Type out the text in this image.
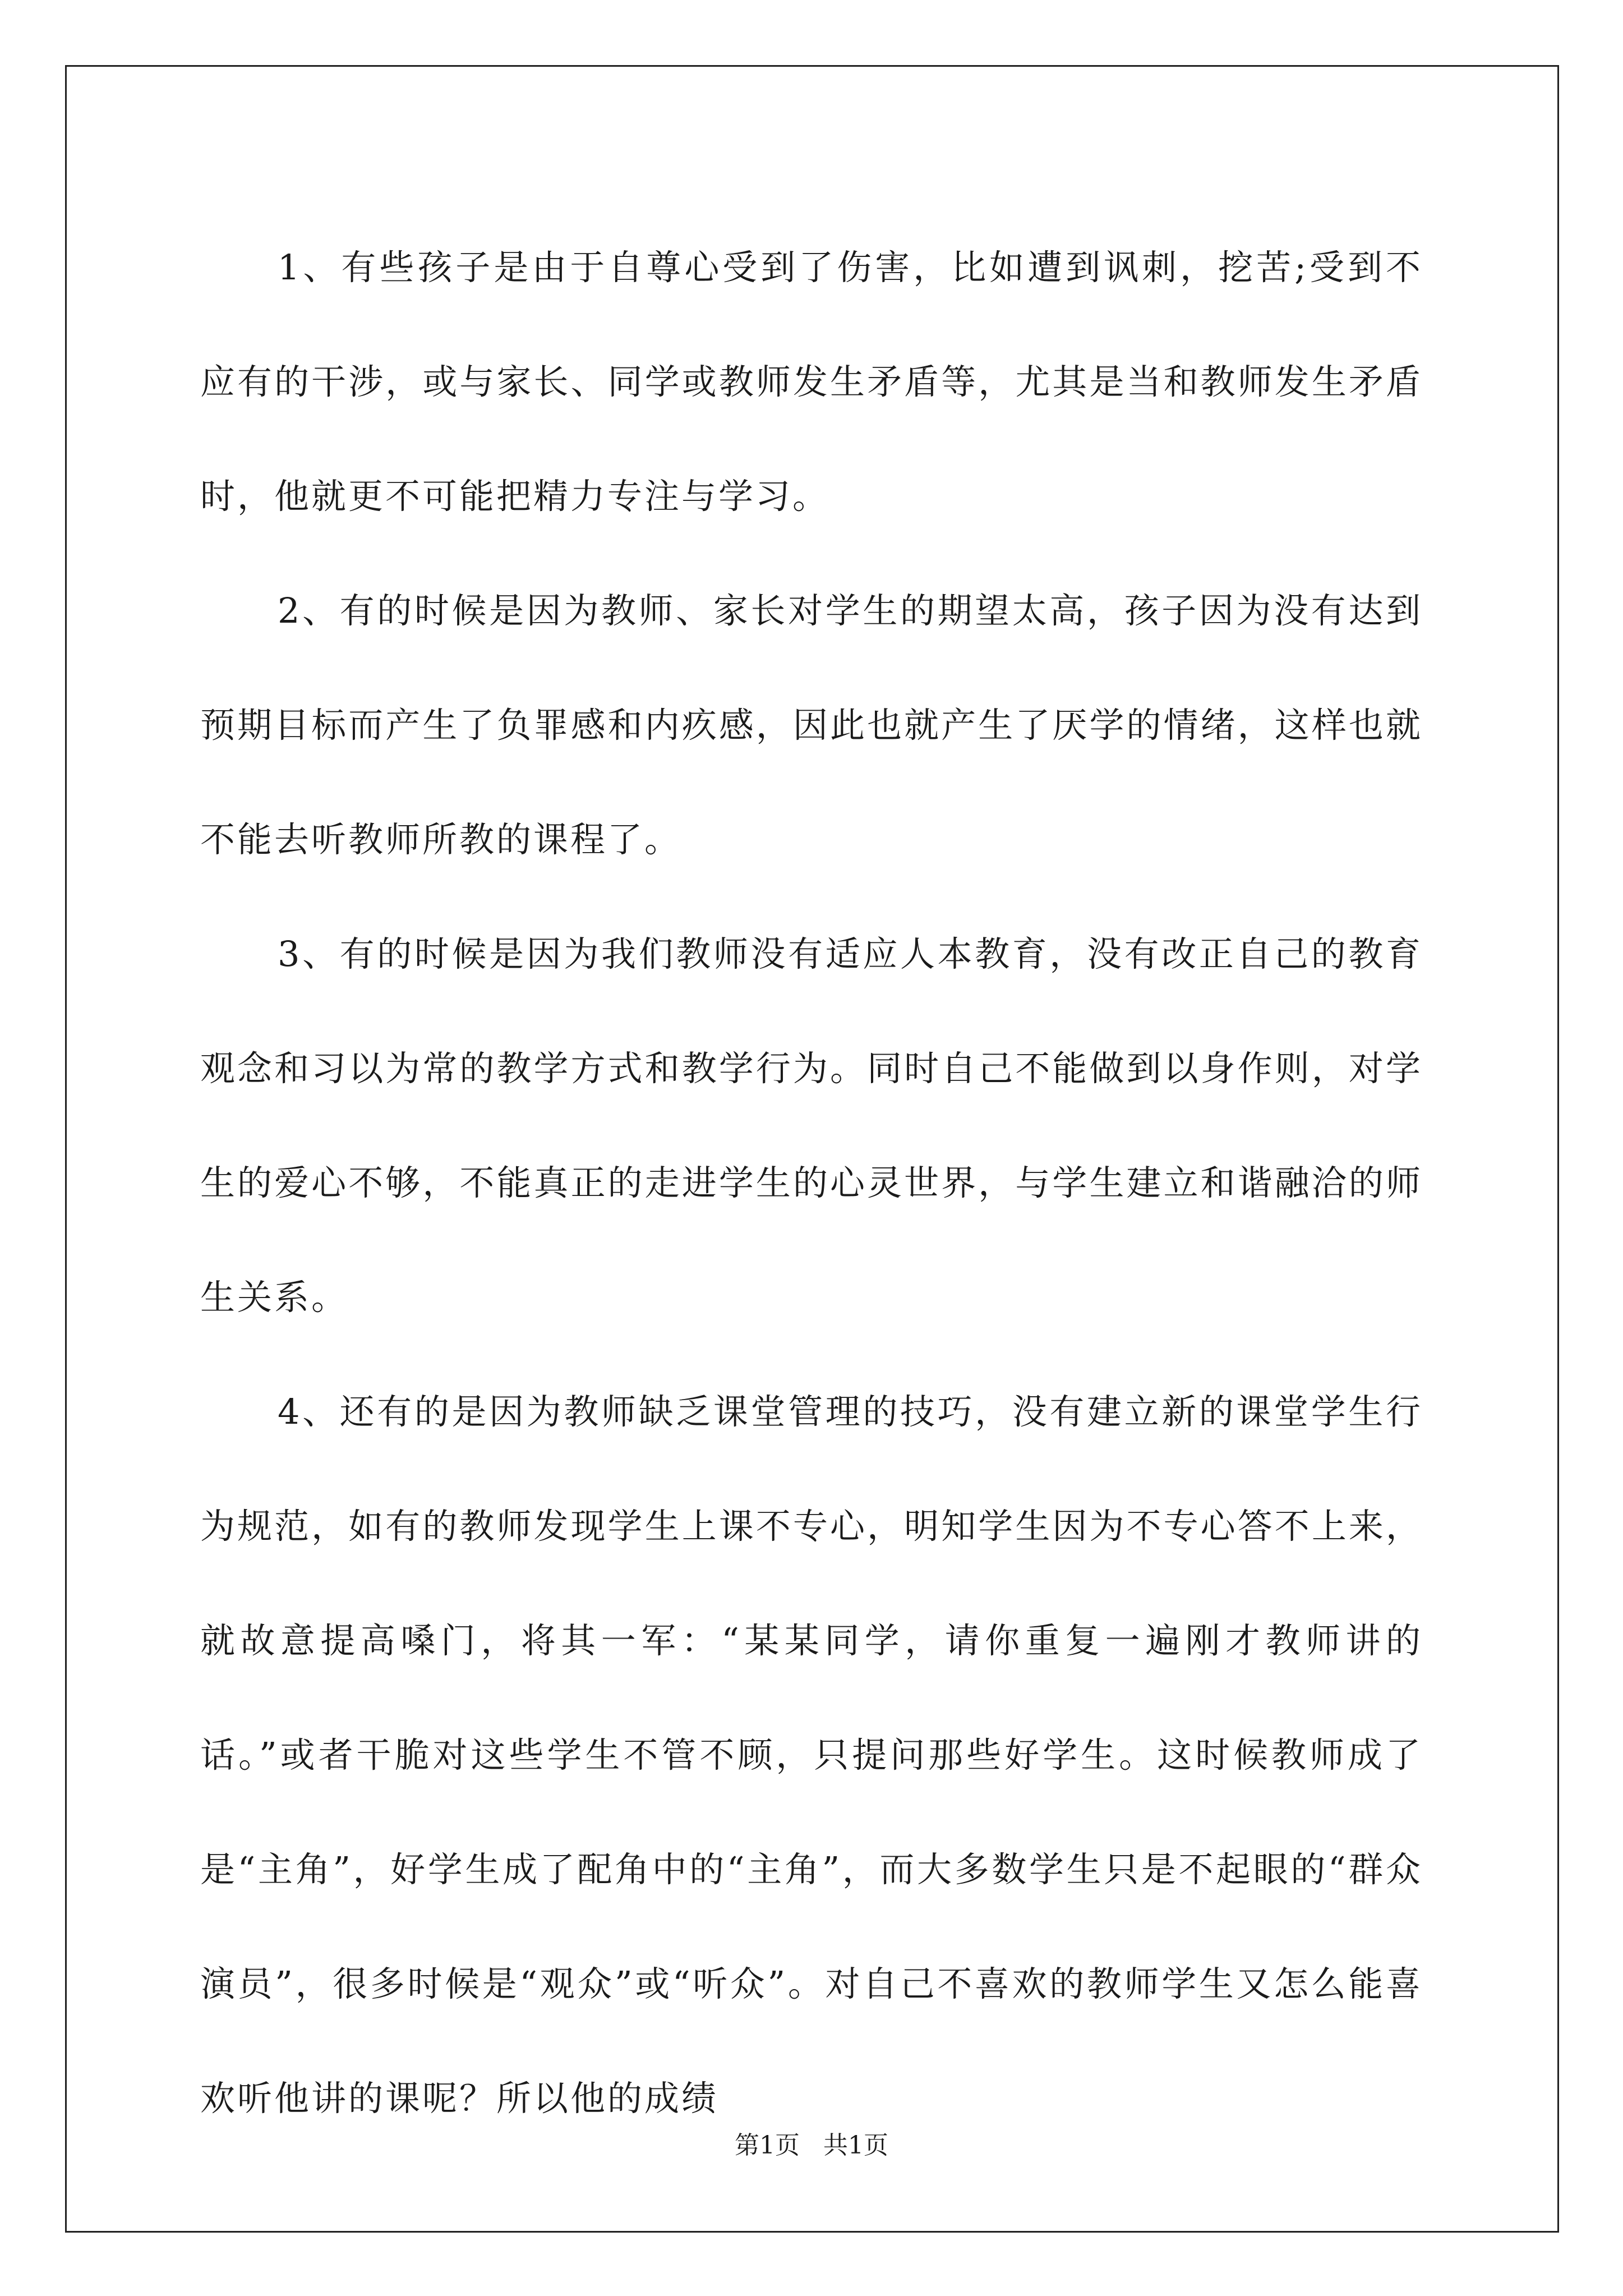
1、有些孩子是由于自尊心受到了伤害，比如遭到讽刺，挖苦;受到不应有的干涉，或与家长、同学或教师发生矛盾等，尤其是当和教师发生矛盾时，他就更不可能把精力专注与学习。

2、有的时候是因为教师、家长对学生的期望太高，孩子因为没有达到预期目标而产生了负罪感和内疚感，因此也就产生了厌学的情绪，这样也就不能去听教师所教的课程了。

3、有的时候是因为我们教师没有适应人本教育，没有改正自己的教育观念和习以为常的教学方式和教学行为。同时自己不能做到以身作则，对学生的爱心不够，不能真正的走进学生的心灵世界，与学生建立和谐融洽的师生关系。

4、还有的是因为教师缺乏课堂管理的技巧，没有建立新的课堂学生行为规范，如有的教师发现学生上课不专心，明知学生因为不专心答不上来，就故意提高嗓门，将其一军：“某某同学，请你重复一遍刚才教师讲的话。”或者干脆对这些学生不管不顾，只提问那些好学生。这时候教师成了是“主角”，好学生成了配角中的“主角”，而大多数学生只是不起眼的“群众演员”，很多时候是“观众”或“听众”。对自己不喜欢的教师学生又怎么能喜欢听他讲的课呢？所以他的成绩

第1页 共1页
